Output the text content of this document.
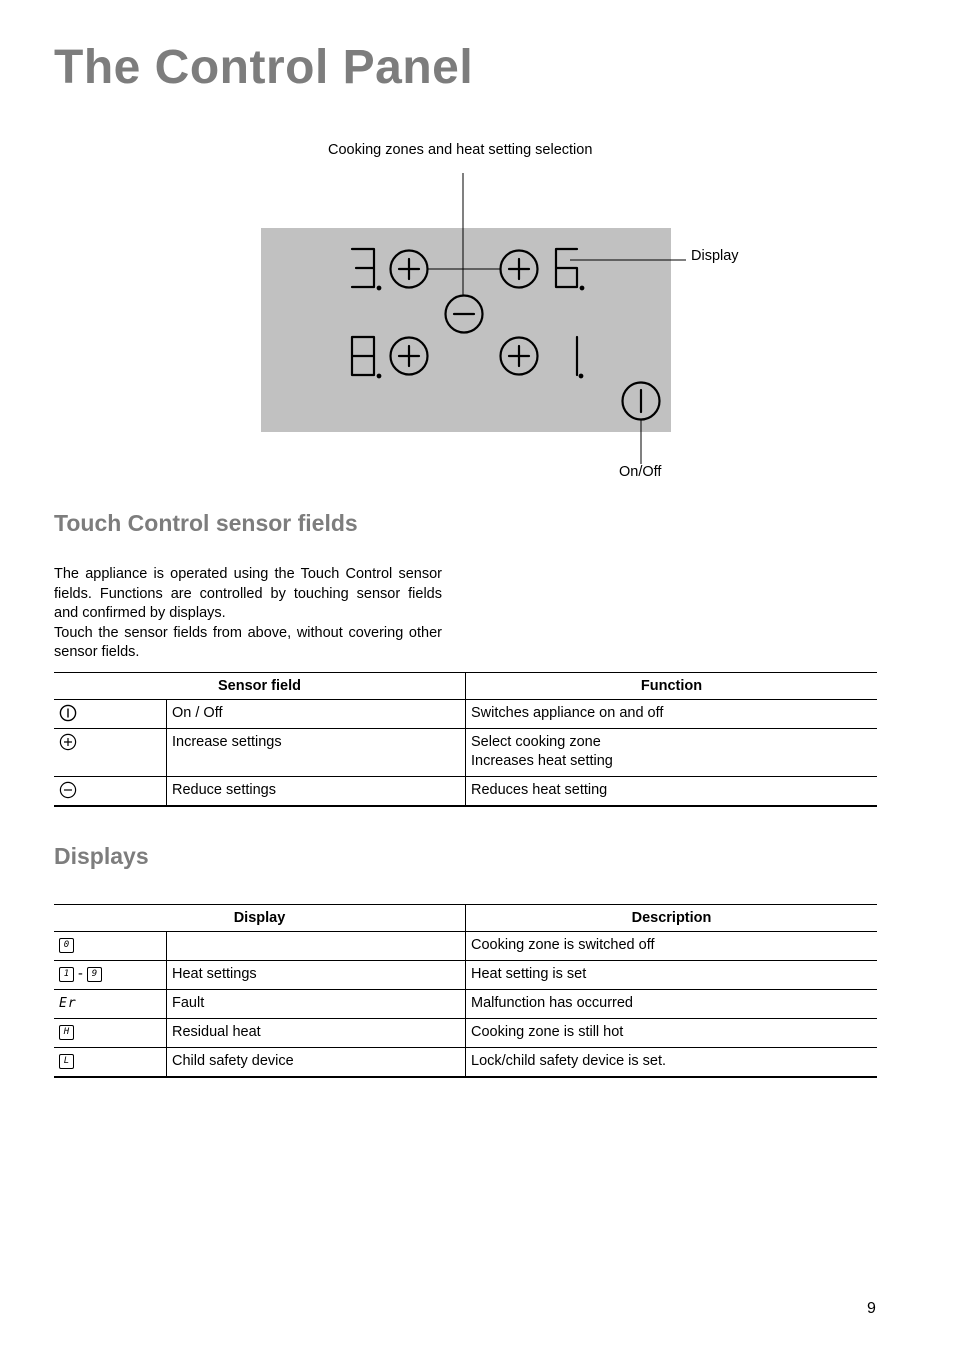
The Control Panel
Cooking zones and heat setting selection
Display
On/Off
Touch Control sensor fields

The appliance is operated using the Touch Control sensor fields. Functions are controlled by touching sensor fields and confirmed by displays.

Touch the sensor fields from above, without covering other sensor fields.

Sensor field		Function
	On / Off	Switches appliance on and off
	Increase settings	Select cooking zone
Increases heat setting

	Reduce settings	Reduces heat setting
Displays
Display		Description
0		Cooking zone is switched off
1 - 9	Heat settings	Heat setting is set
Er	Fault	Malfunction has occurred
H	Residual heat	Cooking zone is still hot
L	Child safety device	Lock/child safety device is set.
9
